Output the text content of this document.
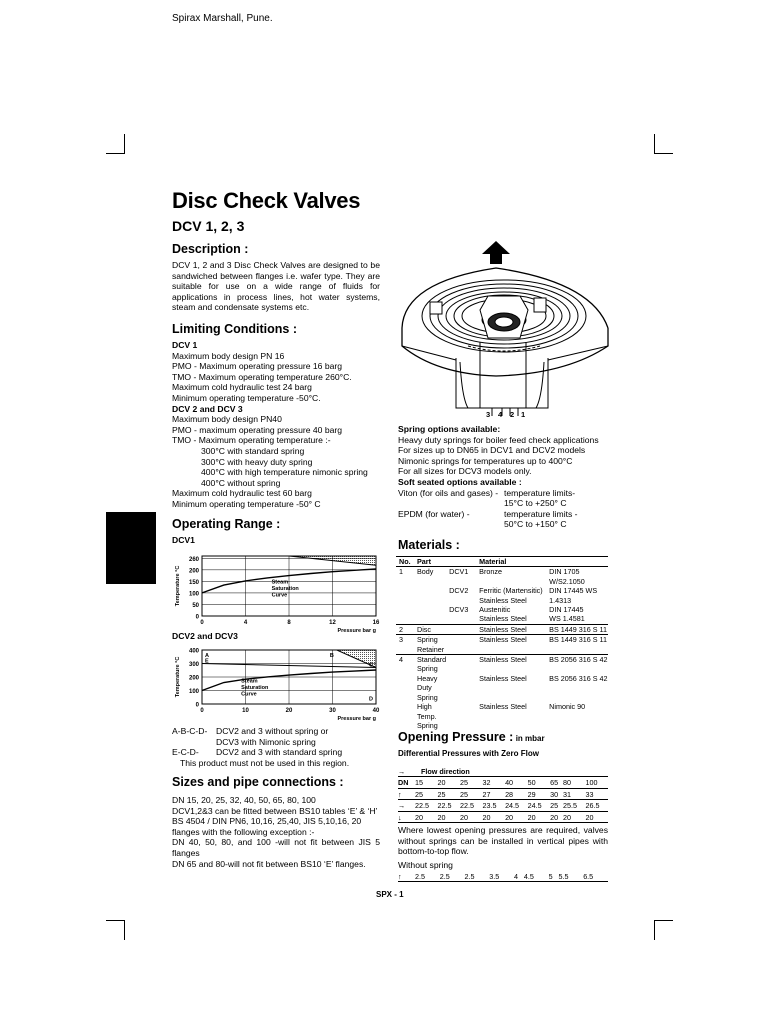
Spirax Marshall, Pune.
Disc Check Valves
DCV 1, 2, 3
Description :

DCV 1, 2 and 3 Disc Check Valves are designed to be sandwiched between flanges i.e. wafer type. They are suitable for use on a wide range of fluids for applications in process lines, hot water systems, steam and condensate systems etc.

Limiting Conditions :
DCV 1
Maximum body design PN 16
PMO - Maximum operating pressure 16 barg
TMO - Maximum operating temperature 260°C.
Maximum cold hydraulic test 24 barg
Minimum operating temperature -50°C.
DCV 2 and DCV 3
Maximum body design PN40
PMO - maximum operating pressure 40 barg
TMO - Maximum operating temperature :-
300°C with standard spring
300°C with heavy duty spring
400°C with high temperature nimonic spring
400°C without spring
Maximum cold hydraulic test 60 barg
Minimum operating temperature -50° C
Operating Range :
DCV1
0
50
100
150
200
260
0	4	8	12	16
Pressure bar g
Temperature °C	Steam
Saturation
Curve
DCV2 and DCV3
0
100
200
300
400
0	10	20	30	40
Pressure bar g
Temperature °C	Steam
Saturation
Curve
A	B
E
C
D
A-B-C-D- DCV2 and 3 without spring or
DCV3 with Nimonic spring
E-C-D- DCV2 and 3 with standard spring
This product must not be used in this region.
Sizes and pipe connections :
DN 15, 20, 25, 32, 40, 50, 65, 80, 100
DCV1,2&3 can be fitted between BS10 tables ‘E’ & ‘H’
BS 4504 / DIN PN6, 10,16, 25,40, JIS 5,10,16, 20
flanges with the following exception :-

DN 40, 50, 80, and 100 -will not fit between JIS 5 flanges

DN 65 and 80-will not fit between BS10 ‘E’ flanges.
3 4 2 1
Spring options available:
Heavy duty springs for boiler feed check applications
For sizes up to DN65 in DCV1 and DCV2 models
Nimonic springs for temperatures up to 400°C
For all sizes for DCV3 models only.
Soft seated options available :
Viton (for oils and gases) - temperature limits-
15°C to +250° C
EPDM (for water) -	temperature limits -
50°C to +150° C
Materials :
No.	Part		Material	
1	Body	DCV1	Bronze	DIN 1705
				W/S2.1050
		DCV2	Ferritic (Martensitic)	DIN 17445 WS
			Stainless Steel	1.4313
		DCV3	Austenitic	DIN 17445
			Stainless Steel	WS 1.4581
2	Disc		Stainless Steel	BS 1449 316 S 11
3	Spring		Stainless Steel	BS 1449 316 S 11
	Retainer			
4	Standard		Stainless Steel	BS 2056 316 S 42
	Spring			
	Heavy Duty		Stainless Steel	BS 2056 316 S 42
	Spring			
	High Temp.		Stainless Steel	Nimonic 90
	Spring			
Opening Pressure : in mbar
Differential Pressures with Zero Flow
→	Flow direction								
DN	15	20	25	32	40	50	65	80	100
↑	25	25	25	27	28	29	30	31	33
→	22.5	22.5	22.5	23.5	24.5	24.5	25	25.5	26.5
↓	20	20	20	20	20	20	20	20	20

Where lowest opening pressures are required, valves without springs can be installed in vertical pipes with bottom-to-top flow.

Without spring
↑	2.5	2.5	2.5	3.5	4	4.5	5	5.5	6.5
SPX - 1
